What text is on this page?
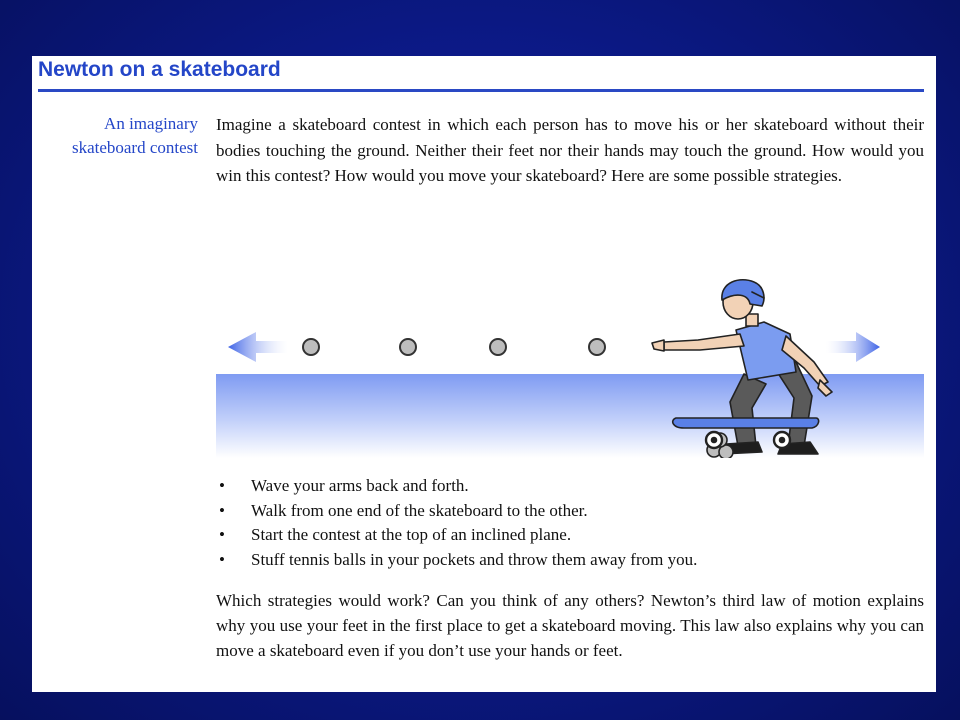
Newton on a skateboard
An imaginary
skateboard contest

Imagine a skateboard contest in which each person has to move his or her skateboard without their bodies touching the ground. Neither their feet nor their hands may touch the ground. How would you win this contest? How would you move your skateboard? Here are some possible strategies.

• Wave your arms back and forth.
• Walk from one end of the skateboard to the other.
• Start the contest at the top of an inclined plane.
• Stuff tennis balls in your pockets and throw them away from you.

Which strategies would work? Can you think of any others? Newton’s third law of motion explains why you use your feet in the first place to get a skateboard moving. This law also explains why you can move a skateboard even if you don’t use your hands or feet.
